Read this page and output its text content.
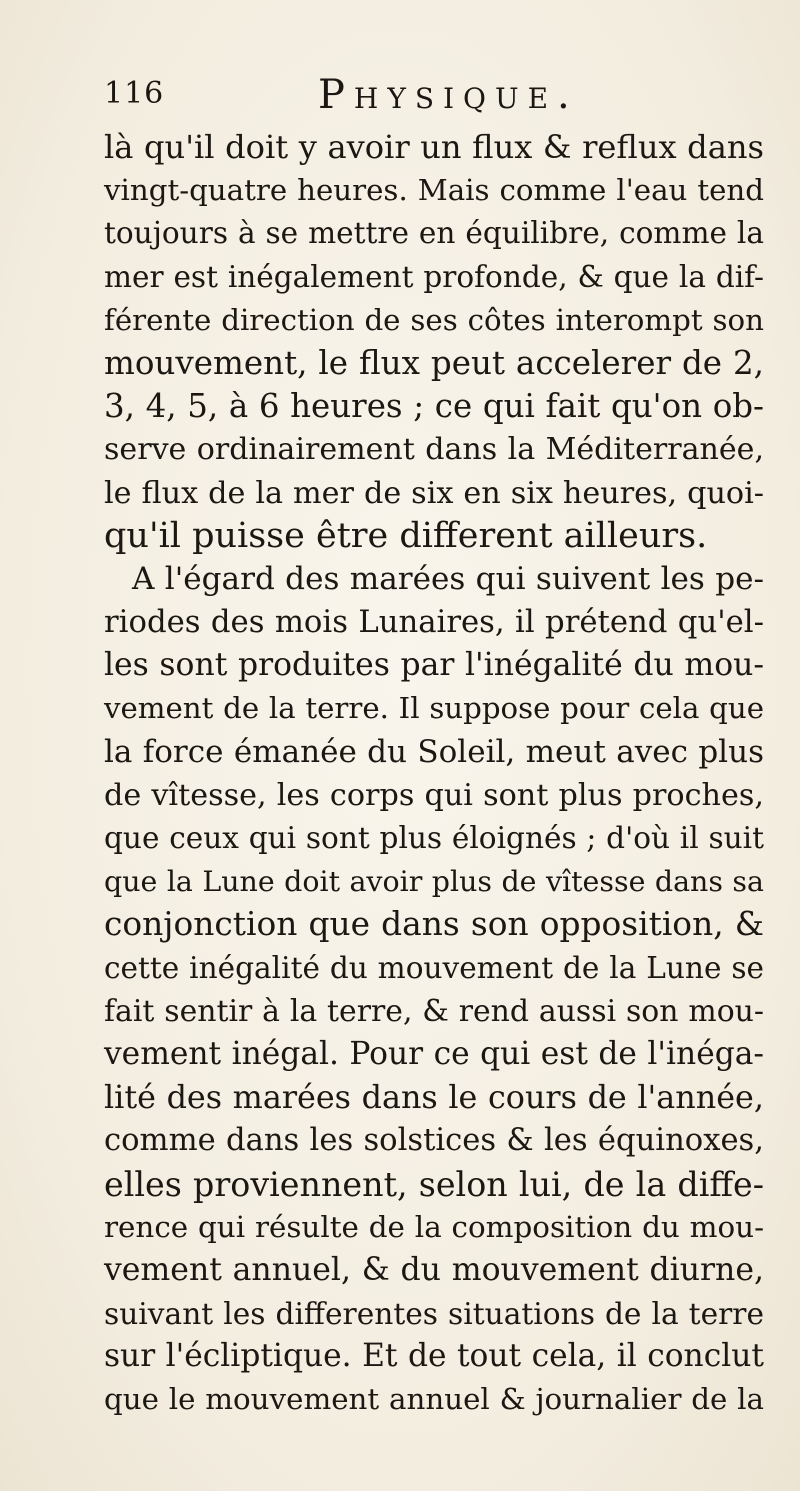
116	Physique.
là qu'il doit y avoir un flux & reflux dans
vingt-quatre heures. Mais comme l'eau tend
toujours à se mettre en équilibre, comme la
mer est inégalement profonde, & que la dif-
férente direction de ses côtes interompt son
mouvement, le flux peut accelerer de 2,
3, 4, 5, à 6 heures ; ce qui fait qu'on ob-
serve ordinairement dans la Méditerranée,
le flux de la mer de six en six heures, quoi-
qu'il puisse être different ailleurs.
A l'égard des marées qui suivent les pe-
riodes des mois Lunaires, il prétend qu'el-
les sont produites par l'inégalité du mou-
vement de la terre. Il suppose pour cela que
la force émanée du Soleil, meut avec plus
de vîtesse, les corps qui sont plus proches,
que ceux qui sont plus éloignés ; d'où il suit
que la Lune doit avoir plus de vîtesse dans sa
conjonction que dans son opposition, &
cette inégalité du mouvement de la Lune se
fait sentir à la terre, & rend aussi son mou-
vement inégal. Pour ce qui est de l'inéga-
lité des marées dans le cours de l'année,
comme dans les solstices & les équinoxes,
elles proviennent, selon lui, de la diffe-
rence qui résulte de la composition du mou-
vement annuel, & du mouvement diurne,
suivant les differentes situations de la terre
sur l'écliptique. Et de tout cela, il conclut
que le mouvement annuel & journalier de la
